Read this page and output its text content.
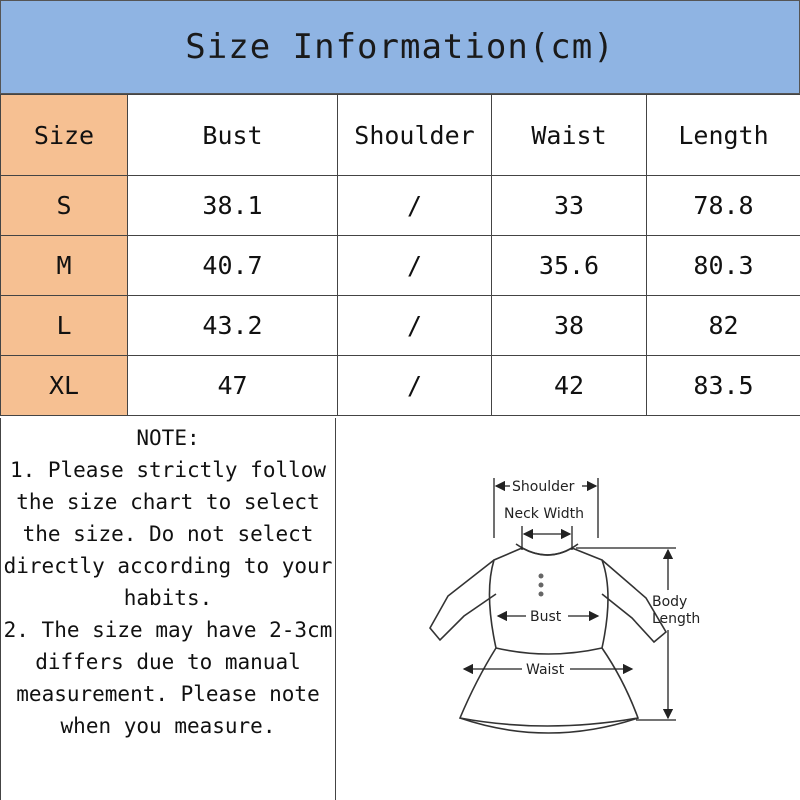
Size Information(cm)
Size	Bust	Shoulder	Waist	Length
S	38.1	/	33	78.8
M	40.7	/	35.6	80.3
L	43.2	/	38	82
XL	47	/	42	83.5
NOTE:
1. Please strictly follow the size chart to select the size. Do not select directly according to your habits.
2. The size may have 2-3cm differs due to manual measurement. Please note when you measure.
Shoulder
Neck Width
Bust
Waist
Body
Length
